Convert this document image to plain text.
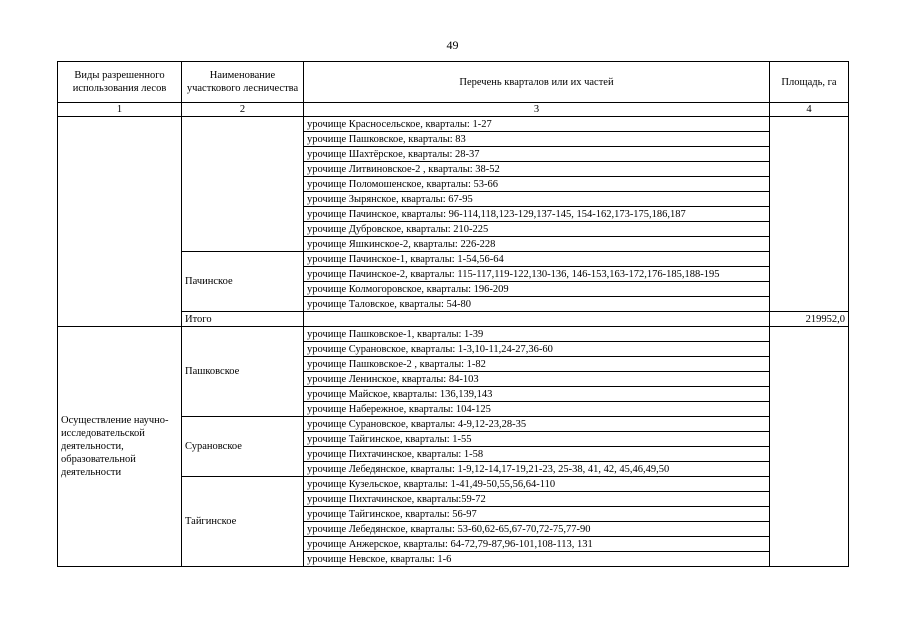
49
Виды разрешенного использования лесов	Наименование участкового лесничества	Перечень кварталов или их частей	Площадь, га
1	2	3	4
		урочище Красносельское, кварталы: 1-27	
		урочище Пашковское, кварталы: 83	
		урочище Шахтёрское, кварталы: 28-37	
		урочище Литвиновское-2 , кварталы: 38-52	
		урочище Поломошенское, кварталы: 53-66	
		урочище Зырянское, кварталы: 67-95	
		урочище Пачинское, кварталы: 96-114,118,123-129,137-145, 154-162,173-175,186,187	
		урочище Дубровское, кварталы: 210-225	
		урочище Яшкинское-2, кварталы: 226-228	
	Пачинское	урочище Пачинское-1, кварталы: 1-54,56-64	
		урочище Пачинское-2, кварталы: 115-117,119-122,130-136, 146-153,163-172,176-185,188-195	
		урочище Колмогоровское, кварталы: 196-209	
		урочище Таловское, кварталы: 54-80	
	Итого		219952,0
Осуществление научно-исследовательской деятельности, образовательной деятельности	Пашковское	урочище Пашковское-1, кварталы: 1-39	
		урочище Сурановское, кварталы: 1-3,10-11,24-27,36-60	
		урочище Пашковское-2 , кварталы: 1-82	
		урочище Ленинское, кварталы: 84-103	
		урочище Майское, кварталы: 136,139,143	
		урочище Набережное, кварталы: 104-125	
	Сурановское	урочище Сурановское, кварталы: 4-9,12-23,28-35	
		урочище Тайгинское, кварталы: 1-55	
		урочище Пихтачинское, кварталы: 1-58	
		урочище Лебедянское, кварталы: 1-9,12-14,17-19,21-23, 25-38, 41, 42, 45,46,49,50	
	Тайгинское	урочище Кузельское, кварталы: 1-41,49-50,55,56,64-110	
		урочище Пихтачинское, кварталы:59-72	
		урочище Тайгинское, кварталы: 56-97	
		урочище Лебедянское, кварталы: 53-60,62-65,67-70,72-75,77-90	
		урочище Анжерское, кварталы: 64-72,79-87,96-101,108-113, 131	
		урочище Невское, кварталы: 1-6	
